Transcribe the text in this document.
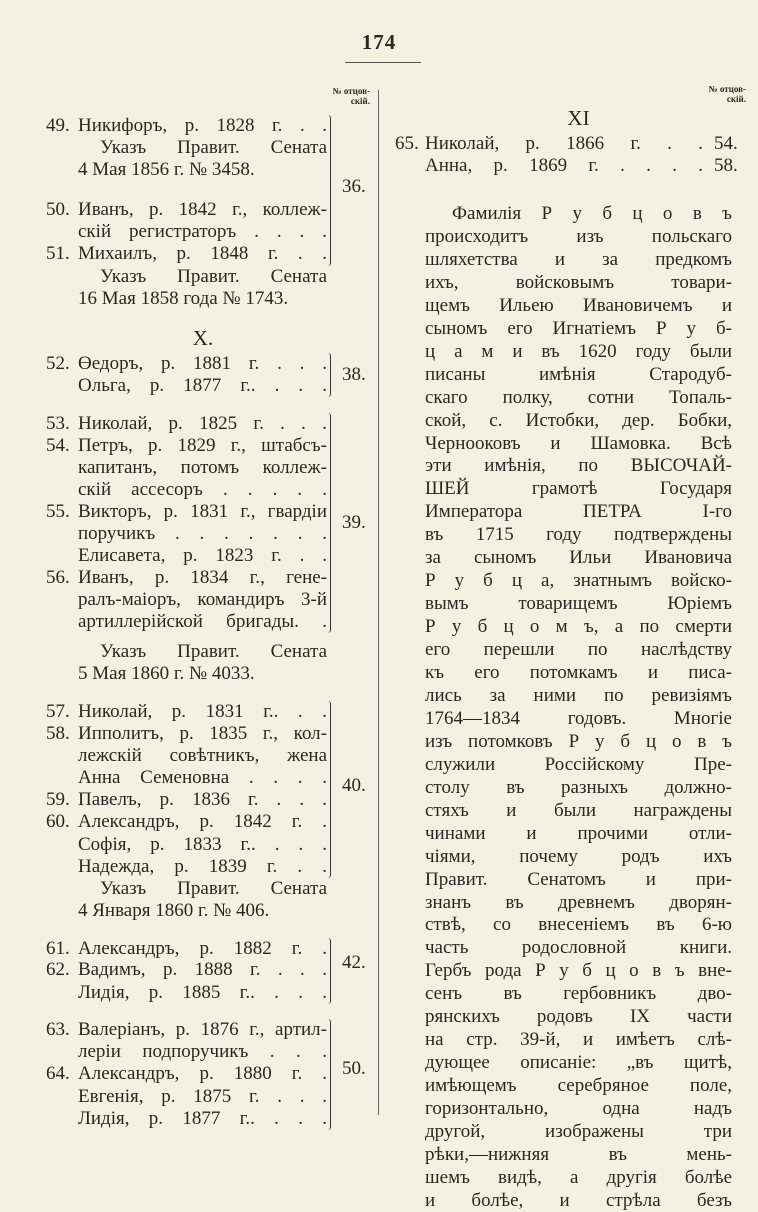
174
№ отцов-
скій.
№ отцов-
скій.
49. Никифоръ, р. 1828 г. . .
Указъ Правит. Сената
4 Мая 1856 г. № 3458.
50. Иванъ, р. 1842 г., коллеж-
скій регистраторъ . . . .
51. Михаилъ, р. 1848 г. . .
Указъ Правит. Сената
16 Мая 1858 года № 1743.
X.
52. Өедоръ, р. 1881 г. . . .
Ольга, р. 1877 г.. . . .
53. Николай, р. 1825 г. . . .
54. Петръ, р. 1829 г., штабсъ-
капитанъ, потомъ коллеж-
скій ассесоръ . . . . .
55. Викторъ, р. 1831 г., гвардіи
поручикъ . . . . . . .
Елисавета, р. 1823 г. . .
56. Иванъ, р. 1834 г., гене-
ралъ-маіоръ, командиръ 3-й
артиллерійской бригады. .
Указъ Правит. Сената
5 Мая 1860 г. № 4033.
57. Николай, р. 1831 г.. . .
58. Ипполитъ, р. 1835 г., кол-
лежскій совѣтникъ, жена
Анна Семеновна . . . .
59. Павелъ, р. 1836 г. . . .
60. Александръ, р. 1842 г. .
Софія, р. 1833 г.. . . .
Надежда, р. 1839 г. . .
Указъ Правит. Сената
4 Января 1860 г. № 406.
61. Александръ, р. 1882 г. .
62. Вадимъ, р. 1888 г. . . .
Лидія, р. 1885 г.. . . .
63. Валеріанъ, р. 1876 г., артил-
леріи подпоручикъ . . .
64. Александръ, р. 1880 г. .
Евгенія, р. 1875 г. . . .
Лидія, р. 1877 г.. . . .
36.
38.
39.
40.
42.
50.
XI
65. Николай, р. 1866 г. . . 54.
Анна, р. 1869 г. . . . . 58.
Фамилія Р у б ц о в ъ
происходитъ изъ польскаго
шляхетства и за предкомъ
ихъ, войсковымъ товари-
щемъ Ильею Ивановичемъ и
сыномъ его Игнатіемъ Р у б-
ц а м и въ 1620 году были
писаны имѣнія Стародуб-
скаго полку, сотни Топаль-
ской, с. Истобки, дер. Бобки,
Чернооковъ и Шамовка. Всѣ
эти имѣнія, по ВЫСОЧАЙ-
ШЕЙ грамотѣ Государя
Императора ПЕТРА I-го
въ 1715 году подтверждены
за сыномъ Ильи Ивановича
Р у б ц а, знатнымъ войско-
вымъ товарищемъ Юріемъ
Р у б ц о м ъ, а по смерти
его перешли по наслѣдству
къ его потомкамъ и писа-
лись за ними по ревизіямъ
1764—1834 годовъ. Многіе
изъ потомковъ Р у б ц о в ъ
служили Россійскому Пре-
столу въ разныхъ должно-
стяхъ и были награждены
чинами и прочими отли-
чіями, почему родъ ихъ
Правит. Сенатомъ и при-
знанъ въ древнемъ дворян-
ствѣ, со внесеніемъ въ 6-ю
часть родословной книги.
Гербъ рода Р у б ц о в ъ вне-
сенъ въ гербовникъ дво-
рянскихъ родовъ IX части
на стр. 39-й, и имѣетъ слѣ-
дующее описаніе: „въ щитѣ,
имѣющемъ серебряное поле,
горизонтально, одна надъ
другой, изображены три
рѣки,—нижняя въ мень-
шемъ видѣ, а другія болѣе
и болѣе, и стрѣла безъ
